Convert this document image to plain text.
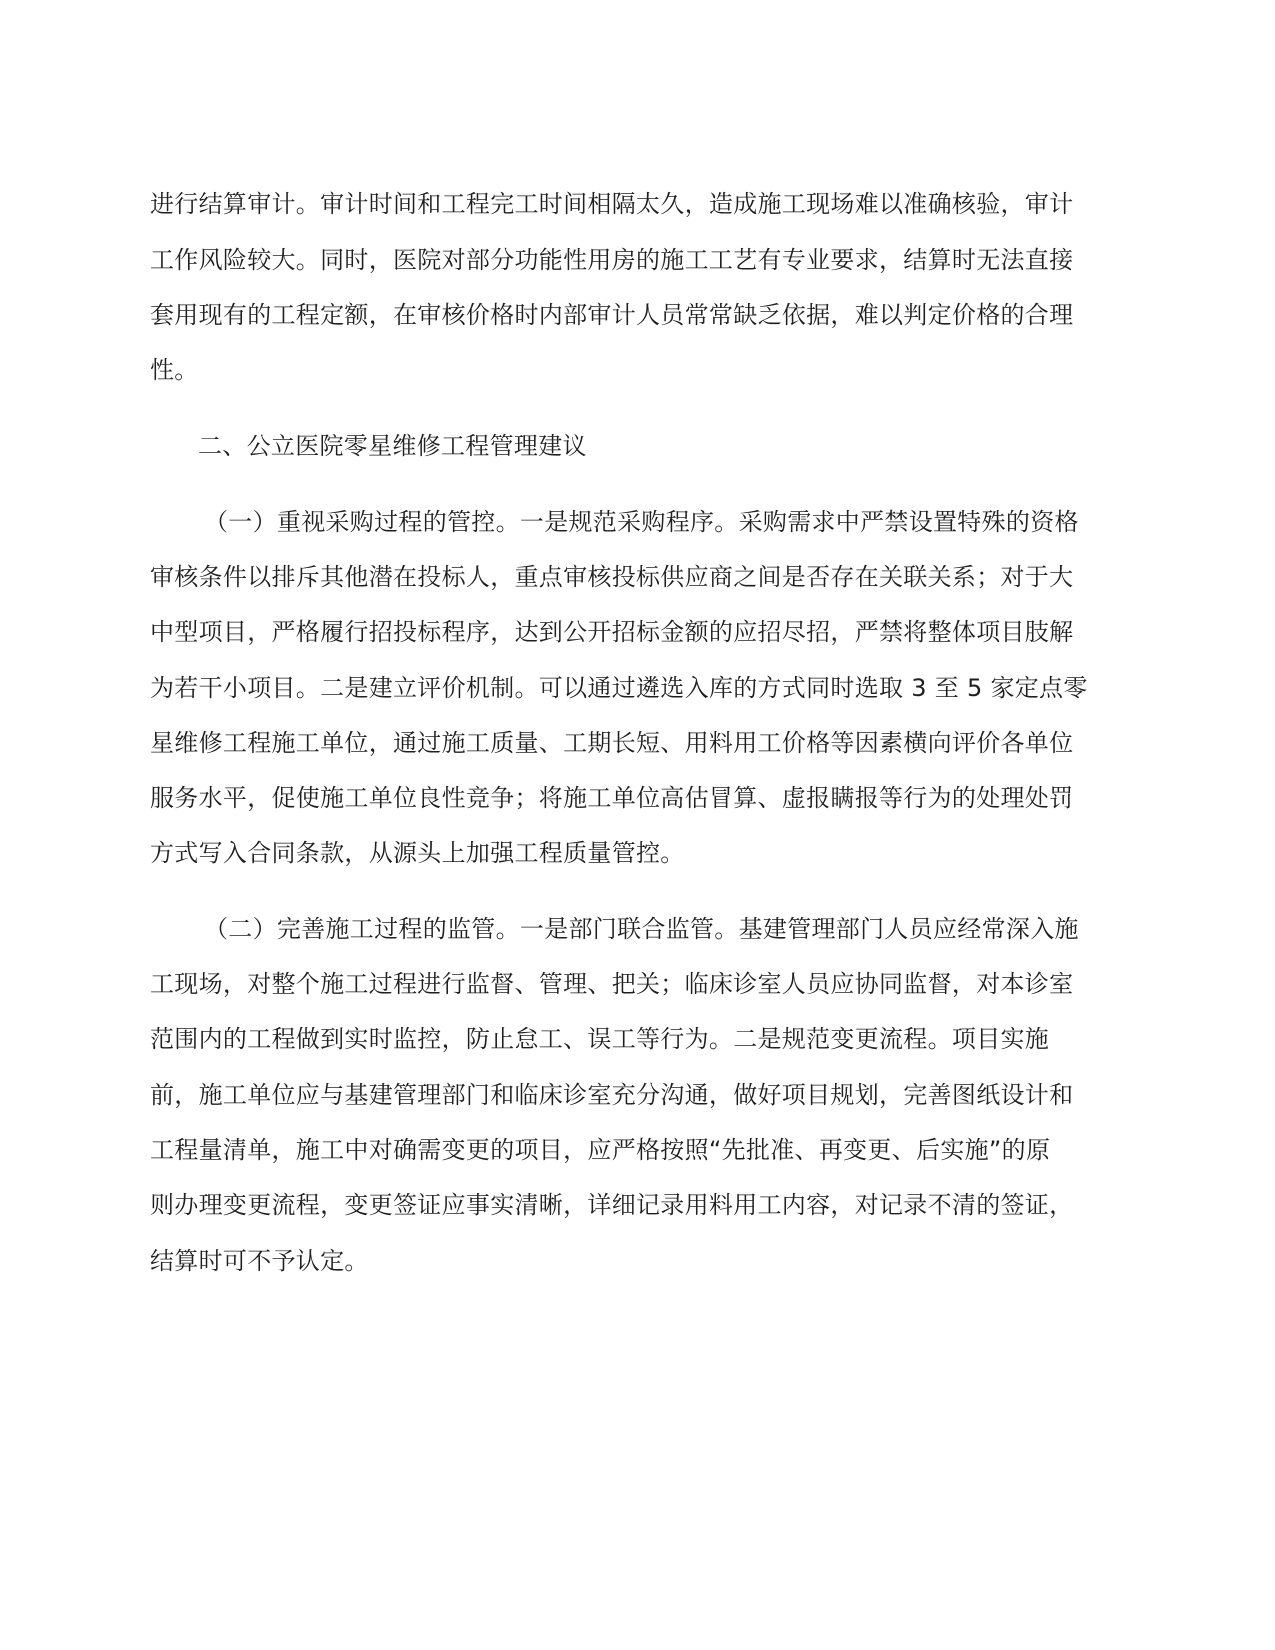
进行结算审计。审计时间和工程完工时间相隔太久，造成施工现场难以准确核验，审计
工作风险较大。同时，医院对部分功能性用房的施工工艺有专业要求，结算时无法直接
套用现有的工程定额，在审核价格时内部审计人员常常缺乏依据，难以判定价格的合理
性。
二、公立医院零星维修工程管理建议
（一）重视采购过程的管控。一是规范采购程序。采购需求中严禁设置特殊的资格
审核条件以排斥其他潜在投标人，重点审核投标供应商之间是否存在关联关系；对于大
中型项目，严格履行招投标程序，达到公开招标金额的应招尽招，严禁将整体项目肢解
为若干小项目。二是建立评价机制。可以通过遴选入库的方式同时选取 3 至 5 家定点零
星维修工程施工单位，通过施工质量、工期长短、用料用工价格等因素横向评价各单位
服务水平，促使施工单位良性竞争；将施工单位高估冒算、虚报瞒报等行为的处理处罚
方式写入合同条款，从源头上加强工程质量管控。
（二）完善施工过程的监管。一是部门联合监管。基建管理部门人员应经常深入施
工现场，对整个施工过程进行监督、管理、把关；临床诊室人员应协同监督，对本诊室
范围内的工程做到实时监控，防止怠工、误工等行为。二是规范变更流程。项目实施
前，施工单位应与基建管理部门和临床诊室充分沟通，做好项目规划，完善图纸设计和
工程量清单，施工中对确需变更的项目，应严格按照“先批准、再变更、后实施”的原
则办理变更流程，变更签证应事实清晰，详细记录用料用工内容，对记录不清的签证，
结算时可不予认定。
